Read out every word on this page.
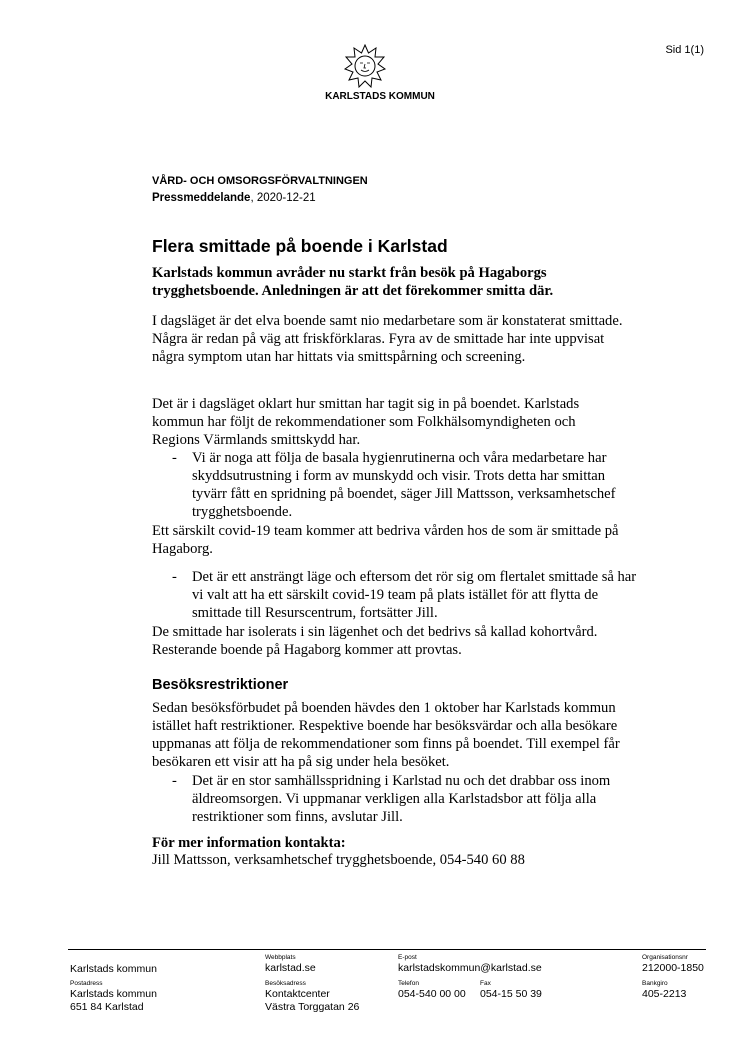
Sid 1(1)
KARLSTADS KOMMUN
VÅRD- OCH OMSORGSFÖRVALTNINGEN
Pressmeddelande, 2020-12-21
Flera smittade på boende i Karlstad
Karlstads kommun avråder nu starkt från besök på Hagaborgs trygghetsboende. Anledningen är att det förekommer smitta där.
I dagsläget är det elva boende samt nio medarbetare som är konstaterat smittade. Några är redan på väg att friskförklaras. Fyra av de smittade har inte uppvisat några symptom utan har hittats via smittspårning och screening.
Det är i dagsläget oklart hur smittan har tagit sig in på boendet. Karlstads kommun har följt de rekommendationer som Folkhälsomyndigheten och Regions Värmlands smittskydd har.
- Vi är noga att följa de basala hygienrutinerna och våra medarbetare har skyddsutrustning i form av munskydd och visir. Trots detta har smittan tyvärr fått en spridning på boendet, säger Jill Mattsson, verksamhetschef trygghetsboende.
Ett särskilt covid-19 team kommer att bedriva vården hos de som är smittade på Hagaborg.
- Det är ett ansträngt läge och eftersom det rör sig om flertalet smittade så har vi valt att ha ett särskilt covid-19 team på plats istället för att flytta de smittade till Resurscentrum, fortsätter Jill.
De smittade har isolerats i sin lägenhet och det bedrivs så kallad kohortvård. Resterande boende på Hagaborg kommer att provtas.
Besöksrestriktioner
Sedan besöksförbudet på boenden hävdes den 1 oktober har Karlstads kommun istället haft restriktioner. Respektive boende har besöksvärdar och alla besökare uppmanas att följa de rekommendationer som finns på boendet. Till exempel får besökaren ett visir att ha på sig under hela besöket.
- Det är en stor samhällsspridning i Karlstad nu och det drabbar oss inom äldreomsorgen. Vi uppmanar verkligen alla Karlstadsbor att följa alla restriktioner som finns, avslutar Jill.
För mer information kontakta:
Jill Mattsson, verksamhetschef trygghetsboende, 054-540 60 88
Karlstads kommun
Webbplats
karlstad.se
E-post
karlstadskommun@karlstad.se
Organisationsnr
212000-1850
Postadress
Karlstads kommun
651 84 Karlstad
Besöksadress
Kontaktcenter
Västra Torggatan 26
Telefon
054-540 00 00
Fax
054-15 50 39
Bankgiro
405-2213
